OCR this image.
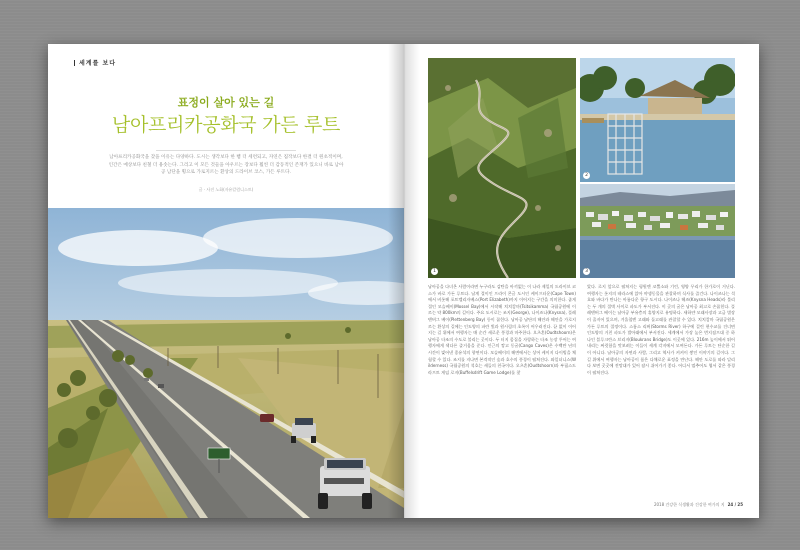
세계를 보다
표정이 살아 있는 길
남아프리카공화국 가든 루트
남아프리카공화국을 찾을 이유는 다양하다. 도시는 생각보다 한 뼘 더 세련되고, 자연은 집작보다 한결 더 원초적이며, 인간은 예상보다 친철 더 용솟는다. 그리고 이 모든 것들을 아우르는 장보다 훨씬 더 감동적인 존재가 있으니 바로 남아공 남단을 횡으로 가로지르는 환상의 드라이브 코스, 가든 루트다.
글 · 사진 노화(자유칼럼니스트)
1
2
3
남아공을 다녀온 사람이라면 누구라도 감탄을 아끼없는 이 나라 제일의 드라이브 코스가 바로 가든 루트다. 남계 절이인 프라이 콘글 도시인 케이프타운(Cape Town)에서 비롯해 포트엘리자베스(Port Elizabeth)까지 이어지는 구간을 의미한다. 좁게 절인 모슬베이(Mossel Bay)에서 시작해 치치캄마(Tsitsikamma) 국립공원에 이르는 약 800km의 길이다. 주요 도시로는 조지(George), 나이즈나(Knysna), 플레텐버그 베이(Plettenberg Bay) 등이 꼽힌다. 남아공 남단의 해안과 해안을 가로지르는 환상의 길에는 인도양의 파란 빛과 원시림의 초록이 어우러진다. 끝 없이 이어지는 길 위에서 여행자는 매 순간 새로운 풍경과 마주한다. 오츠혼(Oudtshoorn)은 남아공 타조의 수도로 불리는 곳이다. 두 터지 몸집을 자랑하는 타조 농장 투어는 여행자에게 색다른 즐거움을 준다. 인근의 캉고 동굴(Cango Caves)은 수백만 년의 시간이 빚어낸 종유석의 향연이다. 모슬베이의 해변에서는 상어 케이지 다이빙을 체험할 수 있다. 조지를 지나면 본격적인 숲과 호수의 풍경이 펼쳐진다. 와일더니스(Wilderness) 국립공원의 석호는 새들의 천국이다. 오츠혼(Oudtshoorn)과 부필스드라프트 게임 로지(Buffelsdrift Game Lodge)를 찾
았다. 로지 앞으로 펼쳐지는 평원엔 코뿔소와 기린, 영양 무리가 한가로이 거닌다. 여행자는 롯지의 테라스에 앉아 야생동물을 관찰하며 식사를 즐긴다. 나이즈나는 석호와 바다가 만나는 아름다운 항구 도시다. 나이즈나 헤즈(Knysna Heads)라 불리는 두 개의 절벽 사이로 파도가 부서진다. 이 곳의 굴은 남아공 최고로 손꼽힌다. 플레텐버그 베이는 남아공 부유층의 휴양지로 유명하다. 새하얀 모래사장과 고급 별장이 줄지어 있으며, 겨울철엔 고래와 돌고래를 관찰할 수 있다. 치치캄마 국립공원은 가든 루트의 절정이다. 스톰스 리버(Storms River) 하구에 걸린 현수교를 건너면 인도양의 거친 파도가 발아래에서 부서진다. 세계에서 가장 높은 번지점프대 중 하나인 블루크란스 브리지(Bloukrans Bridge)도 이곳에 있다. 216m 높이에서 뛰어내리는 짜릿함을 맛보려는 이들이 세계 각지에서 모여든다. 가든 루트는 단순한 길이 아니다. 남아공의 자연과 사람, 그리고 역사가 켜켜이 쌓인 이야기의 길이다. 그 길 위에서 여행자는 남아공이 품은 다채로운 표정을 만난다. 해안 도로를 따라 달리다 보면 곳곳에 전망대가 있어 잠시 쉬어가기 좋다. 어디서 멈추어도 엽서 같은 풍경이 펼쳐진다.
2018 건강한 식생활과 건강한 여가의 지 24 / 25
